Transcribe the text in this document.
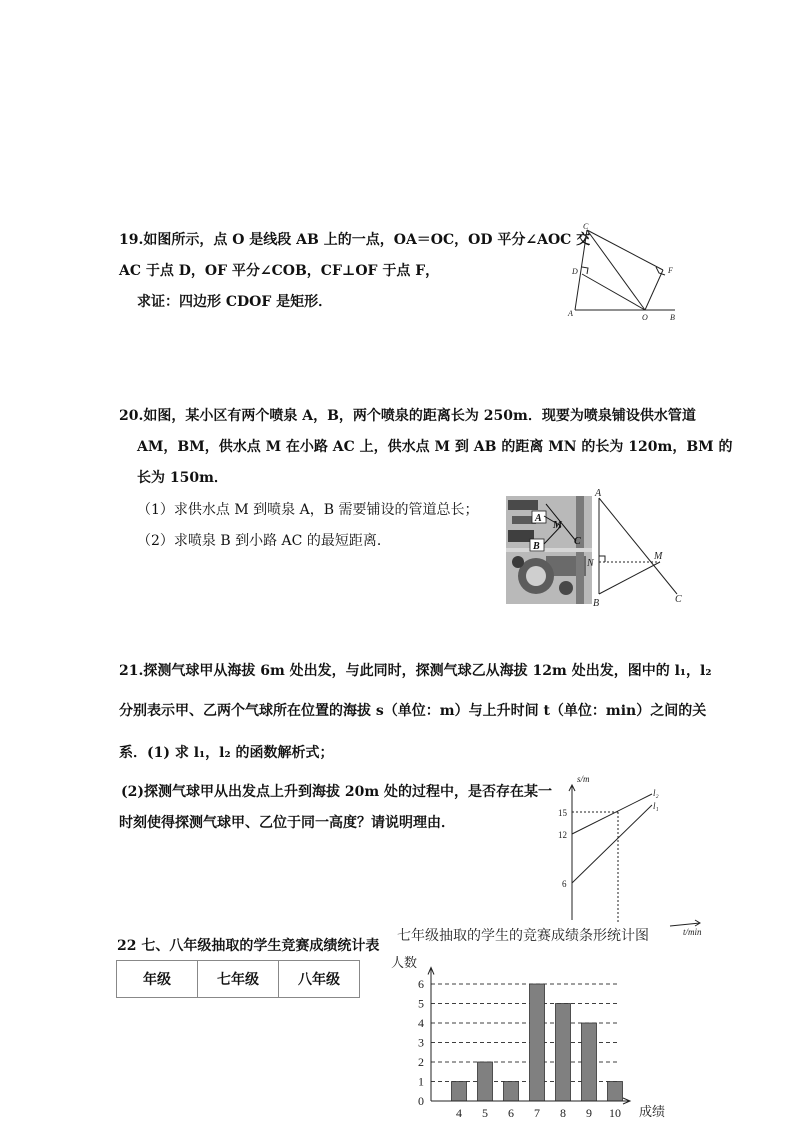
19.如图所示，点 O 是线段 AB 上的一点，OA＝OC，OD 平分∠AOC 交
AC 于点 D，OF 平分∠COB，CF⊥OF 于点 F，
求证：四边形 CDOF 是矩形．
C
D	F
A	O	B
20.如图，某小区有两个喷泉 A，B，两个喷泉的距离长为 250m．现要为喷泉铺设供水管道
AM，BM，供水点 M 在小路 AC 上，供水点 M 到 AB 的距离 MN 的长为 120m，BM 的
长为 150m．
（1）求供水点 M 到喷泉 A，B 需要铺设的管道总长；
（2）求喷泉 B 到小路 AC 的最短距离．
A
M
C
B
A
N
M
B	C
21.探测气球甲从海拔 6m 处出发，与此同时，探测气球乙从海拔 12m 处出发，图中的 l₁，l₂
分别表示甲、乙两个气球所在位置的海拔 s（单位：m）与上升时间 t（单位：min）之间的关
系．(1) 求 l₁，l₂ 的函数解析式；
(2)探测气球甲从出发点上升到海拔 20m 处的过程中，是否存在某一
时刻使得探测气球甲、乙位于同一高度？请说明理由．
s/m
t/min
15
12
6
l₂
l₁
22 七、八年级抽取的学生竞赛成绩统计表
年级	七年级	八年级
七年级抽取的学生的竞赛成绩条形统计图
人数
成绩
0
1
2
3
4
5
6
4 5 6 7 8 9 10
